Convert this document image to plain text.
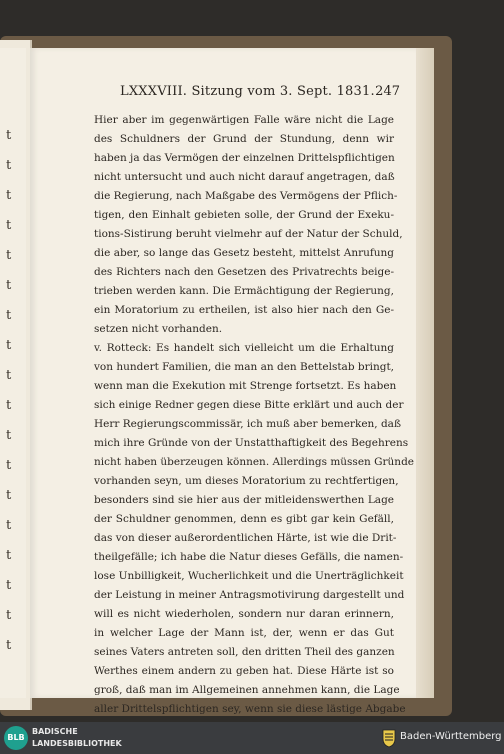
t
t
t
t
t
t
t
t
t
t
t
t
t
t
t
t
t
t
LXXXVIII. Sitzung vom 3. Sept. 1831. 247
Hier aber im gegenwärtigen Falle wäre nicht die Lage
des Schuldners der Grund der Stundung, denn wir
haben ja das Vermögen der einzelnen Drittelspflichtigen
nicht untersucht und auch nicht darauf angetragen, daß
die Regierung, nach Maßgabe des Vermögens der Pflich-
tigen, den Einhalt gebieten solle, der Grund der Exeku-
tions-Sistirung beruht vielmehr auf der Natur der Schuld,
die aber, so lange das Gesetz besteht, mittelst Anrufung
des Richters nach den Gesetzen des Privatrechts beige-
trieben werden kann. Die Ermächtigung der Regierung,
ein Moratorium zu ertheilen, ist also hier nach den Ge-
setzen nicht vorhanden.
v. Rotteck: Es handelt sich vielleicht um die Erhaltung
von hundert Familien, die man an den Bettelstab bringt,
wenn man die Exekution mit Strenge fortsetzt. Es haben
sich einige Redner gegen diese Bitte erklärt und auch der
Herr Regierungscommissär, ich muß aber bemerken, daß
mich ihre Gründe von der Unstatthaftigkeit des Begehrens
nicht haben überzeugen können. Allerdings müssen Gründe
vorhanden seyn, um dieses Moratorium zu rechtfertigen,
besonders sind sie hier aus der mitleidenswerthen Lage
der Schuldner genommen, denn es gibt gar kein Gefäll,
das von dieser außerordentlichen Härte, ist wie die Drit-
theilgefälle; ich habe die Natur dieses Gefälls, die namen-
lose Unbilligkeit, Wucherlichkeit und die Unerträglichkeit
der Leistung in meiner Antragsmotivirung dargestellt und
will es nicht wiederholen, sondern nur daran erinnern,
in welcher Lage der Mann ist, der, wenn er das Gut
seines Vaters antreten soll, den dritten Theil des ganzen
Werthes einem andern zu geben hat. Diese Härte ist so
groß, daß man im Allgemeinen annehmen kann, die Lage
aller Drittelspflichtigen sey, wenn sie diese lästige Abgabe
BLB
BADISCHE
LANDESBIBLIOTHEK
Baden-Württemberg
